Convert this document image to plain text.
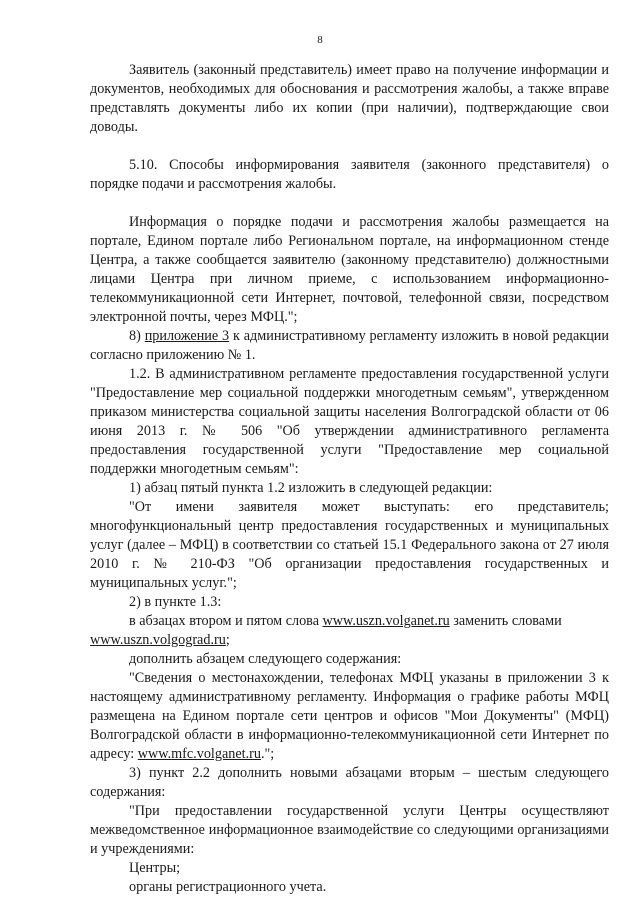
8

Заявитель (законный представитель) имеет право на получение информации и документов, необходимых для обоснования и рассмотрения жалобы, а также вправе представлять документы либо их копии (при наличии), подтверждающие свои доводы.

5.10. Способы информирования заявителя (законного представителя) о порядке подачи и рассмотрения жалобы.

Информация о порядке подачи и рассмотрения жалобы размещается на портале, Едином портале либо Региональном портале, на информационном стенде Центра, а также сообщается заявителю (законному представителю) должностными лицами Центра при личном приеме, с использованием информационно-телекоммуникационной сети Интернет, почтовой, телефонной связи, посредством электронной почты, через МФЦ.";

8) приложение 3 к административному регламенту изложить в новой редакции согласно приложению № 1.

1.2. В административном регламенте предоставления государственной услуги "Предоставление мер социальной поддержки многодетным семьям", утвержденном приказом министерства социальной защиты населения Волгоградской области от 06 июня 2013 г. № 506 "Об утверждении административного регламента предоставления государственной услуги "Предоставление мер социальной поддержки многодетным семьям":

1) абзац пятый пункта 1.2 изложить в следующей редакции:

"От имени заявителя может выступать: его представитель; многофункциональный центр предоставления государственных и муниципальных услуг (далее – МФЦ) в соответствии со статьей 15.1 Федерального закона от 27 июля 2010 г. № 210-ФЗ "Об организации предоставления государственных и муниципальных услуг.";

2) в пункте 1.3:

в абзацах втором и пятом слова www.uszn.volganet.ru заменить словами www.uszn.volgograd.ru;

дополнить абзацем следующего содержания:

"Сведения о местонахождении, телефонах МФЦ указаны в приложении 3 к настоящему административному регламенту. Информация о графике работы МФЦ размещена на Едином портале сети центров и офисов "Мои Документы" (МФЦ) Волгоградской области в информационно-телекоммуникационной сети Интернет по адресу: www.mfc.volganet.ru.";

3) пункт 2.2 дополнить новыми абзацами вторым – шестым следующего содержания:

"При предоставлении государственной услуги Центры осуществляют межведомственное информационное взаимодействие со следующими организациями и учреждениями:

Центры;

органы регистрационного учета.
